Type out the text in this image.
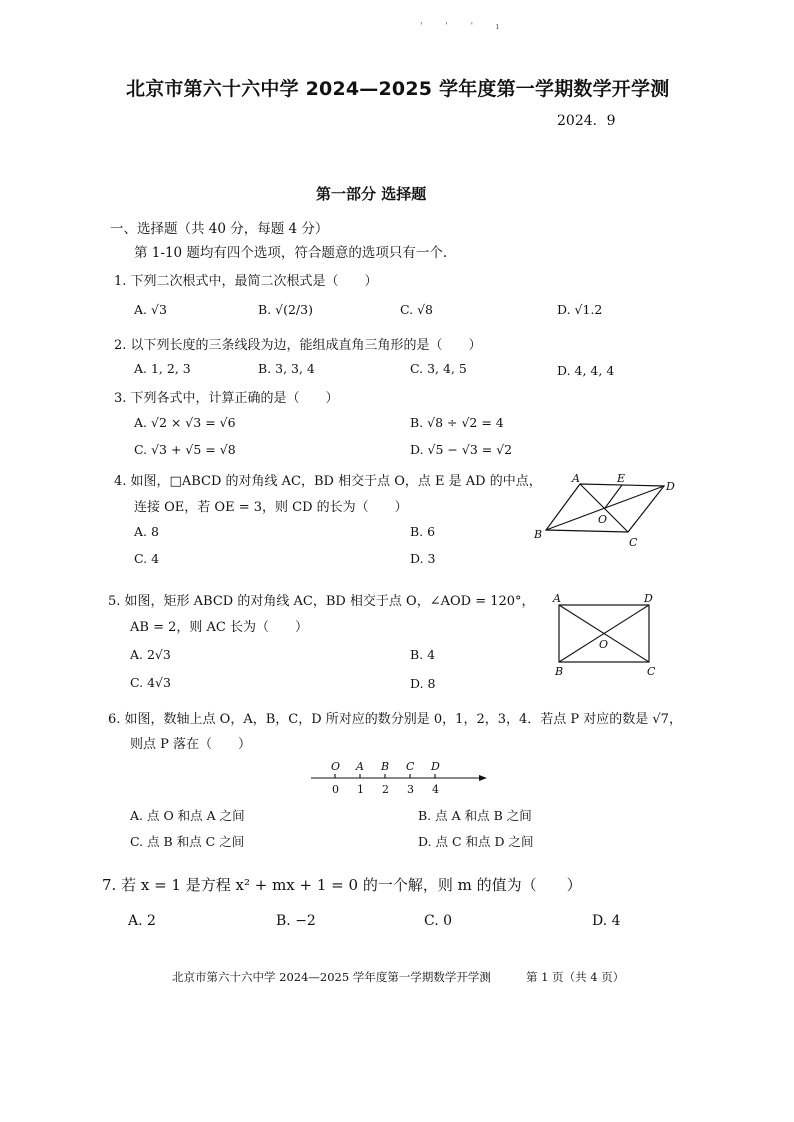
' ' ' ı
北京市第六十六中学 2024—2025 学年度第一学期数学开学测
2024．9
第一部分 选择题
一、选择题（共 40 分，每题 4 分）
第 1-10 题均有四个选项，符合题意的选项只有一个.
1. 下列二次根式中，最简二次根式是（　　）
A. √3	B. √(2/3)	C. √8	D. √1.2
2. 以下列长度的三条线段为边，能组成直角三角形的是（　　）
A. 1, 2, 3	B. 3, 3, 4	C. 3, 4, 5	D. 4, 4, 4
3. 下列各式中，计算正确的是（　　）
A. √2 × √3 = √6	B. √8 ÷ √2 = 4
C. √3 + √5 = √8	D. √5 − √3 = √2
4. 如图，□ABCD 的对角线 AC，BD 相交于点 O，点 E 是 AD 的中点，
连接 OE，若 OE = 3，则 CD 的长为（　　）
A. 8	B. 6
C. 4	D. 3
A	E
D
O
B
C
5. 如图，矩形 ABCD 的对角线 AC，BD 相交于点 O，∠AOD = 120°，
AB = 2，则 AC 长为（　　）
A. 2√3	B. 4
C. 4√3	D. 8
A	D
O
B	C
6. 如图，数轴上点 O，A，B，C，D 所对应的数分别是 0，1，2，3，4．若点 P 对应的数是 √7，
则点 P 落在（　　）
O
0
A
1
B
2
C
3
D
4
A. 点 O 和点 A 之间	B. 点 A 和点 B 之间
C. 点 B 和点 C 之间	D. 点 C 和点 D 之间
7. 若 x = 1 是方程 x² + mx + 1 = 0 的一个解，则 m 的值为（　　）
A. 2	B. −2	C. 0	D. 4
北京市第六十六中学 2024—2025 学年度第一学期数学开学测	第 1 页（共 4 页）
